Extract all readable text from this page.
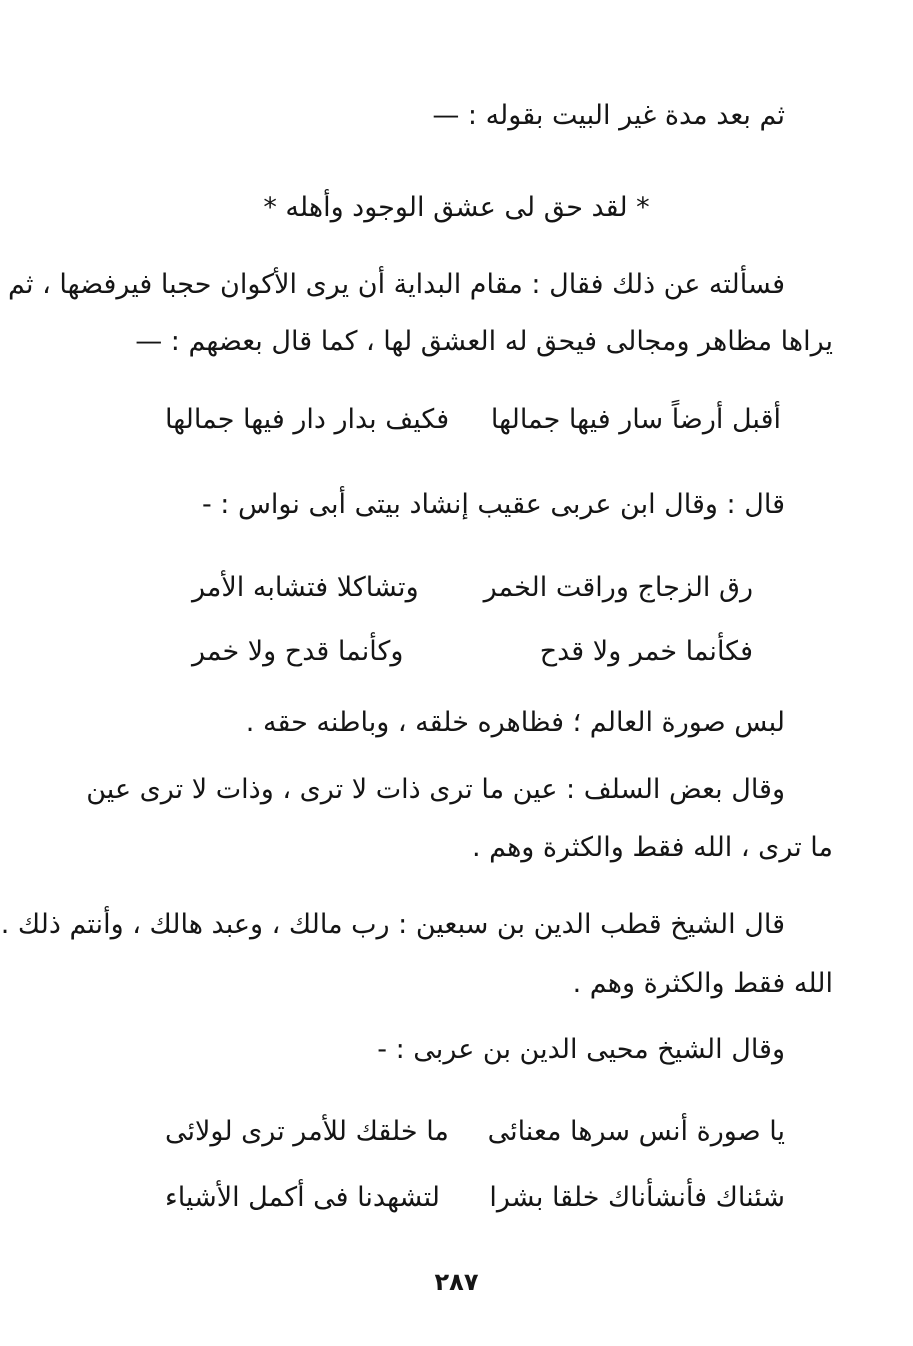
ثم بعد مدة غير البيت بقوله : —
* لقد حق لى عشق الوجود وأهله *
فسألته عن ذلك فقال : مقام البداية أن يرى الأكوان حجبا فيرفضها ، ثم
يراها مظاهر ومجالى فيحق له العشق لها ، كما قال بعضهم : —
أقبل أرضاً سار فيها جمالها
فكيف بدار دار فيها جمالها
قال : وقال ابن عربى عقيب إنشاد بيتى أبى نواس : -
رق الزجاج وراقت الخمر
وتشاكلا فتشابه الأمر
فكأنما خمر ولا قدح
وكأنما قدح ولا خمر
لبس صورة العالم ؛ فظاهره خلقه ، وباطنه حقه .
وقال بعض السلف : عين ما ترى ذات لا ترى ، وذات لا ترى عين
ما ترى ، الله فقط والكثرة وهم .
قال الشيخ قطب الدين بن سبعين : رب مالك ، وعبد هالك ، وأنتم ذلك .
الله فقط والكثرة وهم .
وقال الشيخ محيى الدين بن عربى : -
يا صورة أنس سرها معنائى
ما خلقك للأمر ترى لولائى
شئناك فأنشأناك خلقا بشرا
لتشهدنا فى أكمل الأشياء
٢٨٧
